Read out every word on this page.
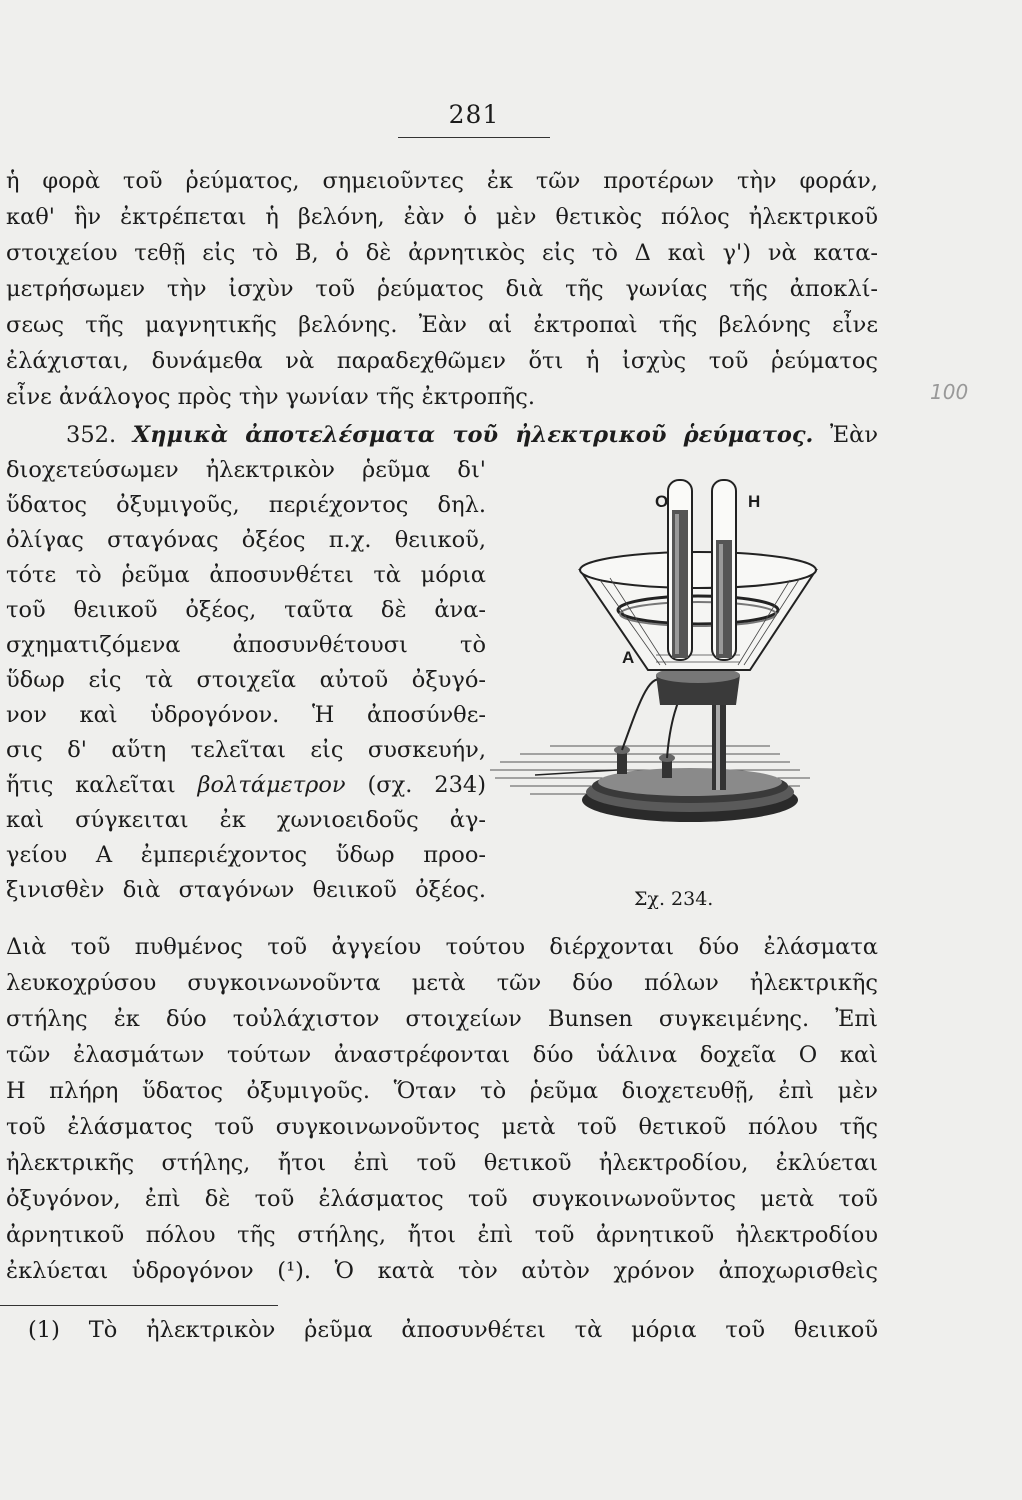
281
100
ἡ φορὰ τοῦ ῥεύματος, σημειοῦντες ἐκ τῶν προτέρων τὴν φοράν,
καθ' ἣν ἐκτρέπεται ἡ βελόνη, ἐὰν ὁ μὲν θετικὸς πόλος ἠλεκτρικοῦ
στοιχείου τεθῇ εἰς τὸ B, ὁ δὲ ἀρνητικὸς εἰς τὸ Δ καὶ γ') νὰ κατα-
μετρήσωμεν τὴν ἰσχὺν τοῦ ῥεύματος διὰ τῆς γωνίας τῆς ἀποκλί-
σεως τῆς μαγνητικῆς βελόνης. Ἐὰν αἱ ἐκτροπαὶ τῆς βελόνης εἶνε
ἐλάχισται, δυνάμεθα νὰ παραδεχθῶμεν ὅτι ἡ ἰσχὺς τοῦ ῥεύματος
εἶνε ἀνάλογος πρὸς τὴν γωνίαν τῆς ἐκτροπῆς.
352. Χημικὰ ἀποτελέσματα τοῦ ἠλεκτρικοῦ ῥεύματος. Ἐὰν
διοχετεύσωμεν ἠλεκτρικὸν ῥεῦμα δι'
ὕδατος ὀξυμιγοῦς, περιέχοντος δηλ.
ὀλίγας σταγόνας ὀξέος π.χ. θειικοῦ,
τότε τὸ ῥεῦμα ἀποσυνθέτει τὰ μόρια
τοῦ θειικοῦ ὀξέος, ταῦτα δὲ ἀνα-
σχηματιζόμενα ἀποσυνθέτουσι τὸ
ὕδωρ εἰς τὰ στοιχεῖα αὐτοῦ ὀξυγό-
νον καὶ ὑδρογόνον. Ἡ ἀποσύνθε-
σις δ' αὕτη τελεῖται εἰς συσκευήν,
ἥτις καλεῖται βολτάμετρον (σχ. 234)
καὶ σύγκειται ἐκ χωνιοειδοῦς ἀγ-
γείου Α ἐμπεριέχοντος ὕδωρ προο-
ξινισθὲν διὰ σταγόνων θειικοῦ ὀξέος.
O	H
A
Σχ. 234.
Διὰ τοῦ πυθμένος τοῦ ἀγγείου τούτου διέρχονται δύο ἐλάσματα
λευκοχρύσου συγκοινωνοῦντα μετὰ τῶν δύο πόλων ἠλεκτρικῆς
στήλης ἐκ δύο τοὐλάχιστον στοιχείων Bunsen συγκειμένης. Ἐπὶ
τῶν ἐλασμάτων τούτων ἀναστρέφονται δύο ὑάλινα δοχεῖα O καὶ
H πλήρη ὕδατος ὀξυμιγοῦς. Ὅταν τὸ ῥεῦμα διοχετευθῇ, ἐπὶ μὲν
τοῦ ἐλάσματος τοῦ συγκοινωνοῦντος μετὰ τοῦ θετικοῦ πόλου τῆς
ἠλεκτρικῆς στήλης, ἤτοι ἐπὶ τοῦ θετικοῦ ἠλεκτροδίου, ἐκλύεται
ὀξυγόνον, ἐπὶ δὲ τοῦ ἐλάσματος τοῦ συγκοινωνοῦντος μετὰ τοῦ
ἀρνητικοῦ πόλου τῆς στήλης, ἤτοι ἐπὶ τοῦ ἀρνητικοῦ ἠλεκτροδίου
ἐκλύεται ὑδρογόνον (¹). Ὁ κατὰ τὸν αὐτὸν χρόνον ἀποχωρισθεὶς
(1) Τὸ ἠλεκτρικὸν ῥεῦμα ἀποσυνθέτει τὰ μόρια τοῦ θειικοῦ
